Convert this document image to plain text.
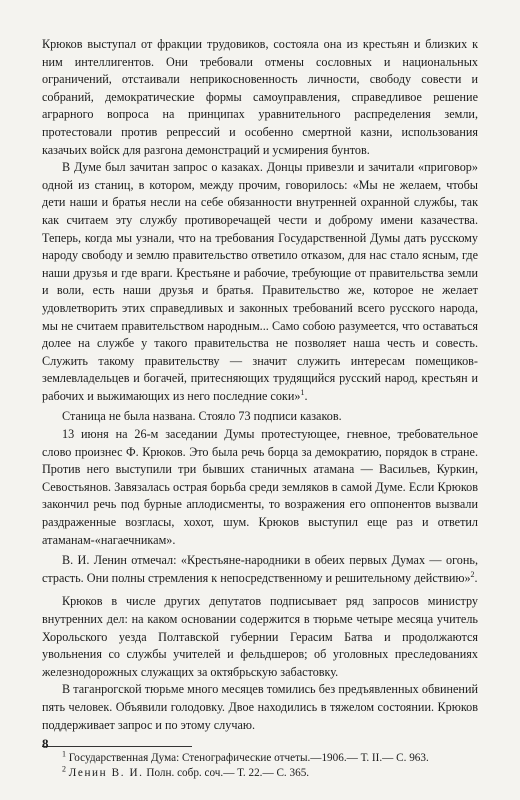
Крюков выступал от фракции трудовиков, состояла она из крестьян и близких к ним интеллигентов. Они требовали отмены сословных и национальных ограничений, отстаивали неприкосновенность личности, свободу совести и собраний, демократические формы самоуправления, справедливое решение аграрного вопроса на принципах уравнительного распределения земли, протестовали против репрессий и особенно смертной казни, использования казачьих войск для разгона демонстраций и усмирения бунтов.

В Думе был зачитан запрос о казаках. Донцы привезли и зачитали «приговор» одной из станиц, в котором, между прочим, говорилось: «Мы не желаем, чтобы дети наши и братья несли на себе обязанности внутренней охранной службы, так как считаем эту службу противоречащей чести и доброму имени казачества. Теперь, когда мы узнали, что на требования Государственной Думы дать русскому народу свободу и землю правительство ответило отказом, для нас стало ясным, где наши друзья и где враги. Крестьяне и рабочие, требующие от правительства земли и воли, есть наши друзья и братья. Правительство же, которое не желает удовлетворить этих справедливых и законных требований всего русского народа, мы не считаем правительством народным... Само собою разумеется, что оставаться долее на службе у такого правительства не позволяет наша честь и совесть. Служить такому правительству — значит служить интересам помещиков-землевладельцев и богачей, притесняющих трудящийся русский народ, крестьян и рабочих и выжимающих из него последние соки»$^1$.

Станица не была названа. Стояло 73 подписи казаков.

13 июня на 26-м заседании Думы протестующее, гневное, требовательное слово произнес Ф. Крюков. Это была речь борца за демократию, порядок в стране. Против него выступили три бывших станичных атамана — Васильев, Куркин, Севостьянов. Завязалась острая борьба среди земляков в самой Думе. Если Крюков закончил речь под бурные аплодисменты, то возражения его оппонентов вызвали раздраженные возгласы, хохот, шум. Крюков выступил еще раз и ответил атаманам-«нагаечникам».

В. И. Ленин отмечал: «Крестьяне-народники в обеих первых Думах — огонь, страсть. Они полны стремления к непосредственному и решительному действию»$^2$.

Крюков в числе других депутатов подписывает ряд запросов министру внутренних дел: на каком основании содержится в тюрьме четыре месяца учитель Хорольского уезда Полтавской губернии Герасим Батва и продолжаются увольнения со службы учителей и фельдшеров; об уголовных преследованиях железнодорожных служащих за октябрьскую забастовку.

В таганрогской тюрьме много месяцев томились без предъявленных обвинений пять человек. Объявили голодовку. Двое находились в тяжелом состоянии. Крюков поддерживает запрос и по этому случаю.

$^1$ Государственная Дума: Стенографические отчеты.—1906.— Т. II.— С. 963.

$^2$ Ленин В. И. Полн. собр. соч.— Т. 22.— С. 365.

8
